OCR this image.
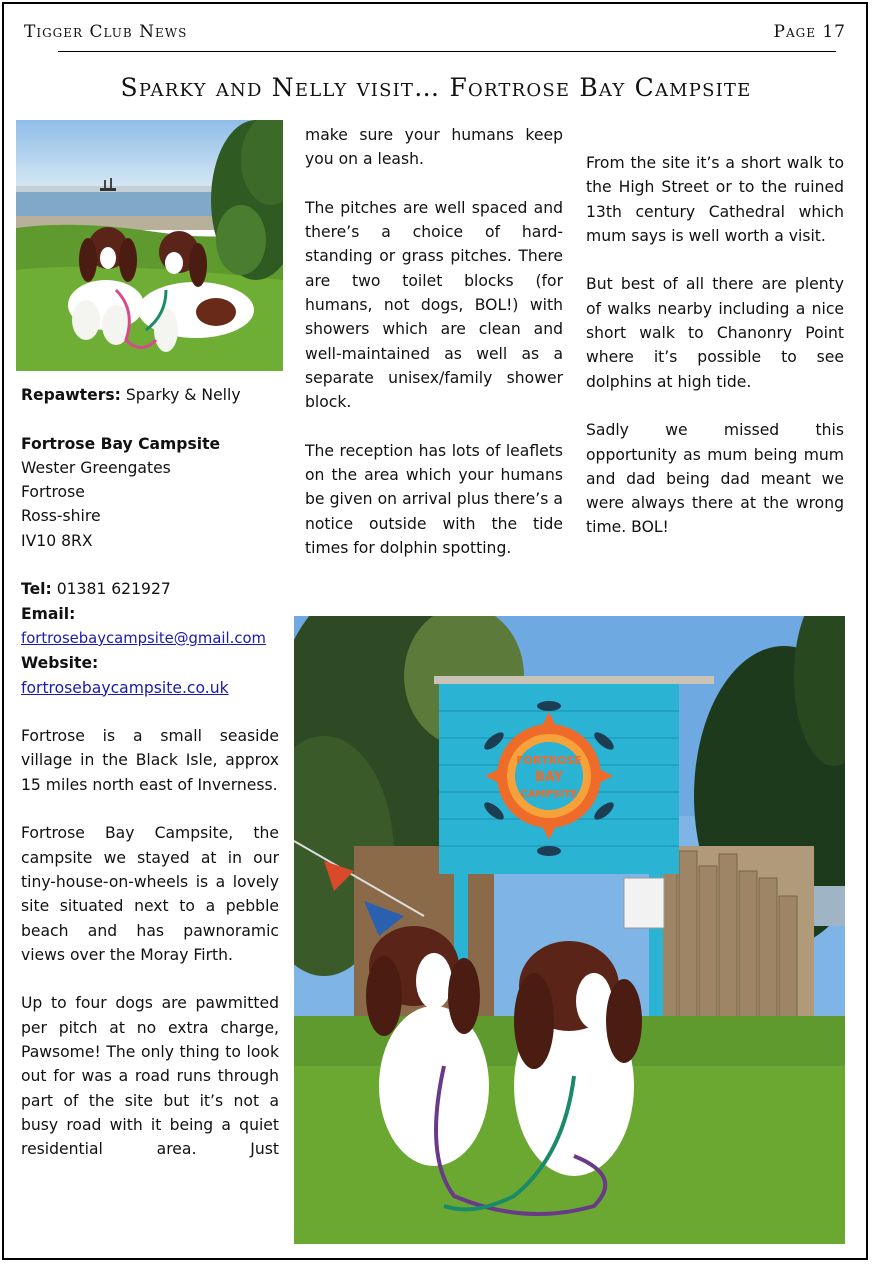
Tigger Club News	Page 17
Sparky and Nelly visit… Fortrose Bay Campsite

Repawters: Sparky & Nelly

Fortrose Bay Campsite

Wester Greengates

Fortrose

Ross-shire

IV10 8RX

Tel: 01381 621927

Email:

fortrosebaycampsite@gmail.com

Website:

fortrosebaycampsite.co.uk

Fortrose is a small seaside village in the Black Isle, approx 15 miles north east of Inverness.

Fortrose Bay Campsite, the campsite we stayed at in our tiny-house-on-wheels is a lovely site situated next to a pebble beach and has pawnoramic views over the Moray Firth.

Up to four dogs are pawmitted per pitch at no extra charge, Pawsome! The only thing to look out for was a road runs through part of the site but it’s not a busy road with it being a quiet residential area. Just

make sure your humans keep you on a leash.

The pitches are well spaced and there’s a choice of hard-standing or grass pitches. There are two toilet blocks (for humans, not dogs, BOL!) with showers which are clean and well-maintained as well as a separate unisex/family shower block.

The reception has lots of leaflets on the area which your humans be given on arrival plus there’s a notice outside with the tide times for dolphin spotting.

From the site it’s a short walk to the High Street or to the ruined 13th century Cathedral which mum says is well worth a visit.

But best of all there are plenty of walks nearby including a nice short walk to Chanonry Point where it’s possible to see dolphins at high tide.

Sadly we missed this opportunity as mum being mum and dad being dad meant we were always there at the wrong time. BOL!

FORTROSE
BAY
CAMPSITE
